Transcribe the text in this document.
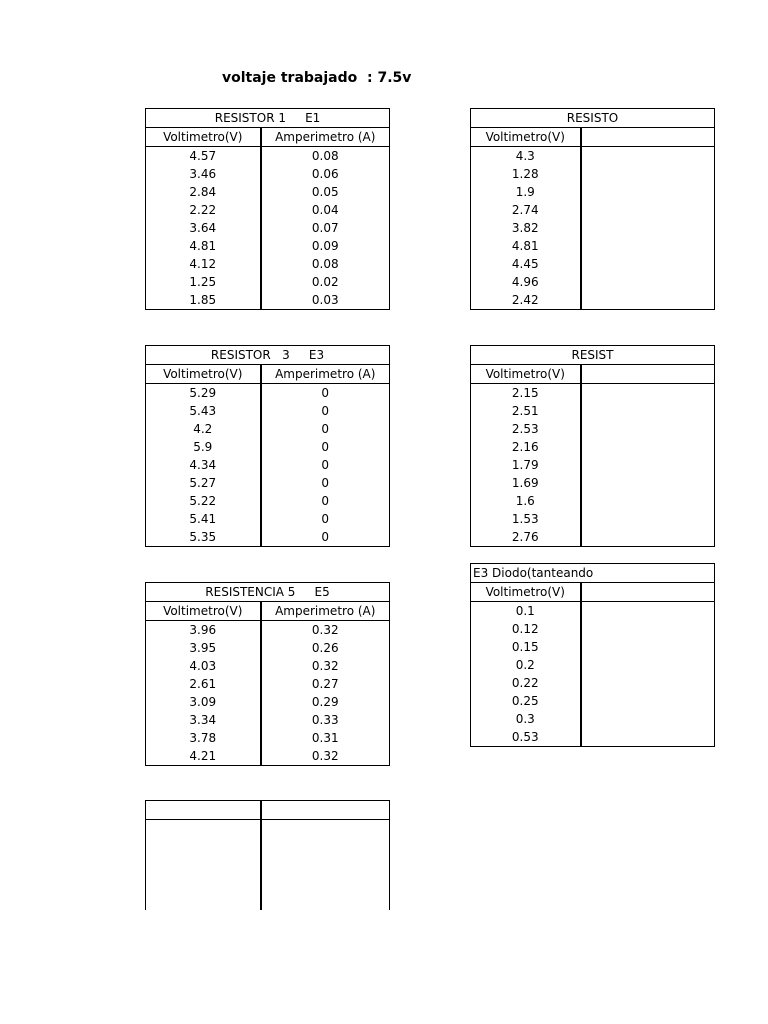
voltaje trabajado  : 7.5v
RESISTOR 1     E1	
Voltimetro(V)	Amperimetro (A)
4.57	0.08
3.46	0.06
2.84	0.05
2.22	0.04
3.64	0.07
4.81	0.09
4.12	0.08
1.25	0.02
1.85	0.03
RESISTO	
Voltimetro(V)	
4.3	
1.28	
1.9	
2.74	
3.82	
4.81	
4.45	
4.96	
2.42	
RESISTOR   3     E3	
Voltimetro(V)	Amperimetro (A)
5.29	0
5.43	0
4.2	0
5.9	0
4.34	0
5.27	0
5.22	0
5.41	0
5.35	0
RESIST	
Voltimetro(V)	
2.15	
2.51	
2.53	
2.16	
1.79	
1.69	
1.6	
1.53	
2.76	
RESISTENCIA 5     E5	
Voltimetro(V)	Amperimetro (A)
3.96	0.32
3.95	0.26
4.03	0.32
2.61	0.27
3.09	0.29
3.34	0.33
3.78	0.31
4.21	0.32
E3 Diodo(tanteando	
Voltimetro(V)	
0.1	
0.12	
0.15	
0.2	
0.22	
0.25	
0.3	
0.53	
